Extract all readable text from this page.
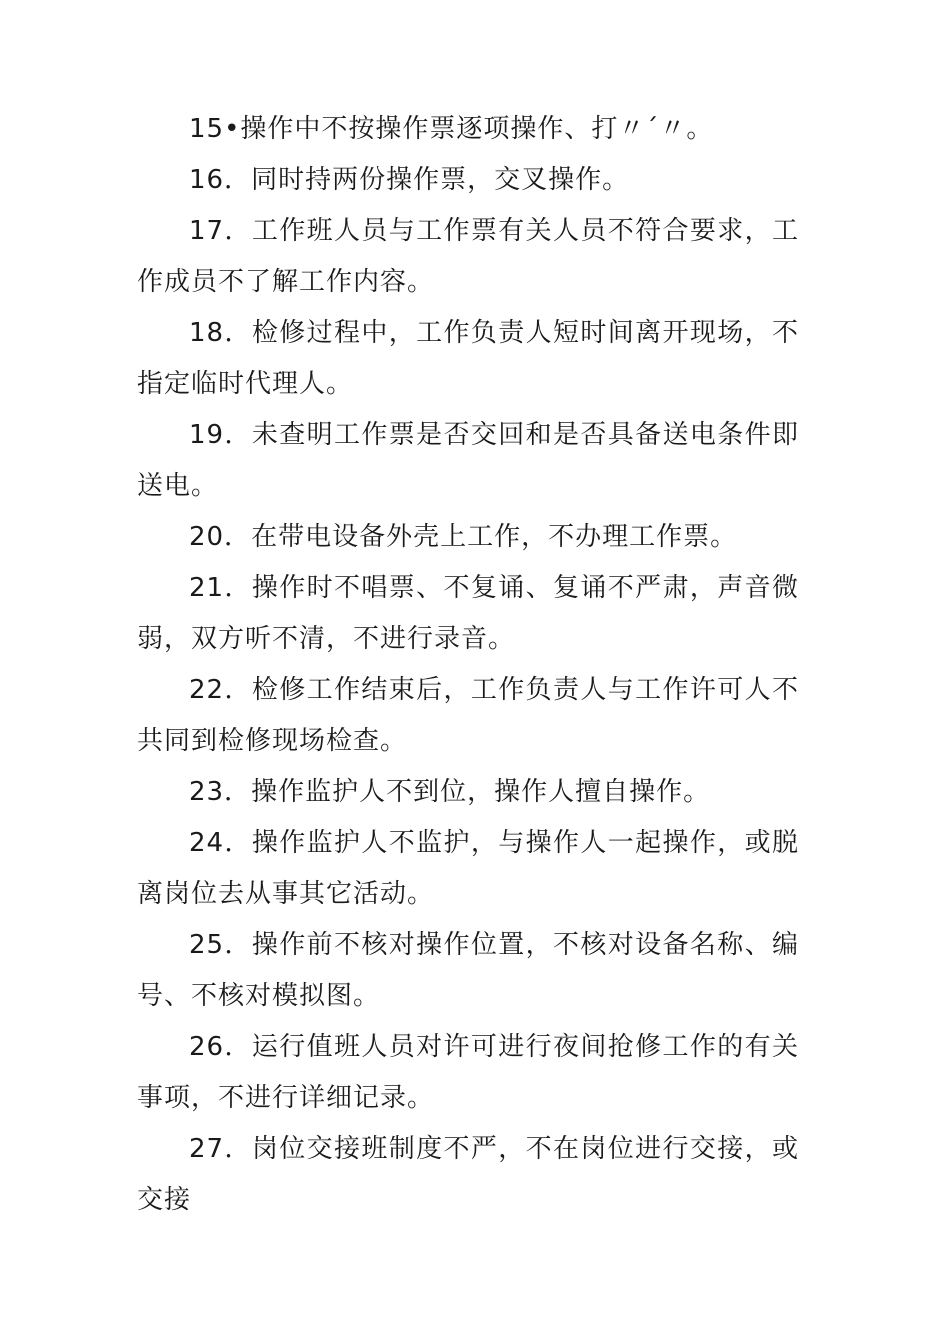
15•操作中不按操作票逐项操作、打〃ˊ〃。

16．同时持两份操作票，交叉操作。

17．工作班人员与工作票有关人员不符合要求，工作成员不了解工作内容。

18．检修过程中，工作负责人短时间离开现场，不指定临时代理人。

19．未查明工作票是否交回和是否具备送电条件即送电。

20．在带电设备外壳上工作，不办理工作票。

21．操作时不唱票、不复诵、复诵不严肃，声音微弱，双方听不清，不进行录音。

22．检修工作结束后，工作负责人与工作许可人不共同到检修现场检查。

23．操作监护人不到位，操作人擅自操作。

24．操作监护人不监护，与操作人一起操作，或脱离岗位去从事其它活动。

25．操作前不核对操作位置，不核对设备名称、编号、不核对模拟图。

26．运行值班人员对许可进行夜间抢修工作的有关事项，不进行详细记录。

27．岗位交接班制度不严，不在岗位进行交接，或交接
